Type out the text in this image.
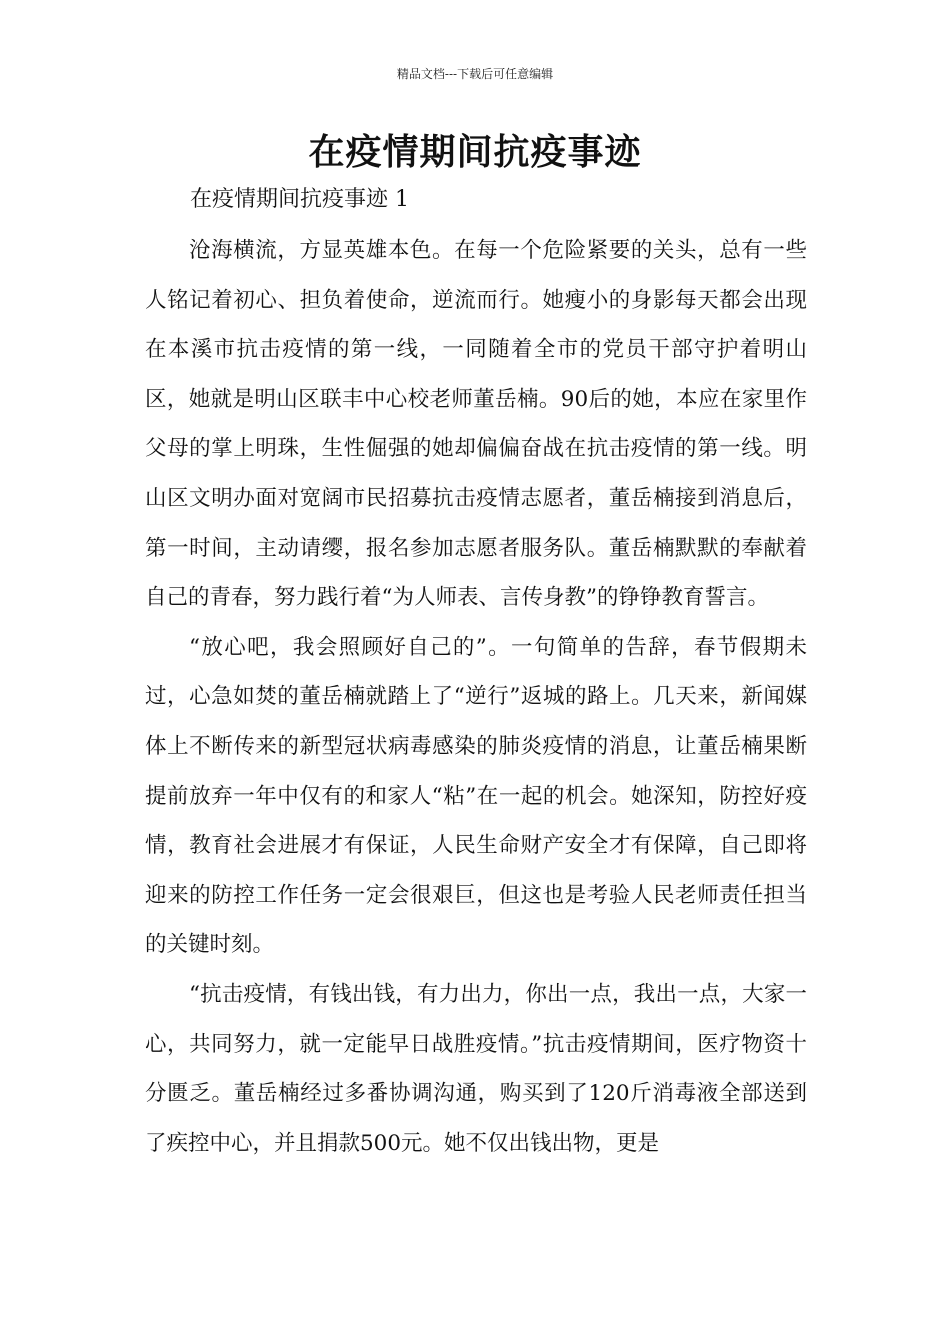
精品文档---下载后可任意编辑
在疫情期间抗疫事迹
在疫情期间抗疫事迹 1

沧海横流，方显英雄本色。在每一个危险紧要的关头，总有一些人铭记着初心、担负着使命，逆流而行。她瘦小的身影每天都会出现在本溪市抗击疫情的第一线，一同随着全市的党员干部守护着明山区，她就是明山区联丰中心校老师董岳楠。90后的她，本应在家里作父母的掌上明珠，生性倔强的她却偏偏奋战在抗击疫情的第一线。明山区文明办面对宽阔市民招募抗击疫情志愿者，董岳楠接到消息后，第一时间，主动请缨，报名参加志愿者服务队。董岳楠默默的奉献着自己的青春，努力践行着“为人师表、言传身教”的铮铮教育誓言。

“放心吧，我会照顾好自己的”。一句简单的告辞，春节假期未过，心急如焚的董岳楠就踏上了“逆行”返城的路上。几天来，新闻媒体上不断传来的新型冠状病毒感染的肺炎疫情的消息，让董岳楠果断提前放弃一年中仅有的和家人“粘”在一起的机会。她深知，防控好疫情，教育社会进展才有保证，人民生命财产安全才有保障，自己即将迎来的防控工作任务一定会很艰巨，但这也是考验人民老师责任担当的关键时刻。

“抗击疫情，有钱出钱，有力出力，你出一点，我出一点，大家一心，共同努力，就一定能早日战胜疫情。”抗击疫情期间，医疗物资十分匮乏。董岳楠经过多番协调沟通，购买到了120斤消毒液全部送到了疾控中心，并且捐款500元。她不仅出钱出物，更是
